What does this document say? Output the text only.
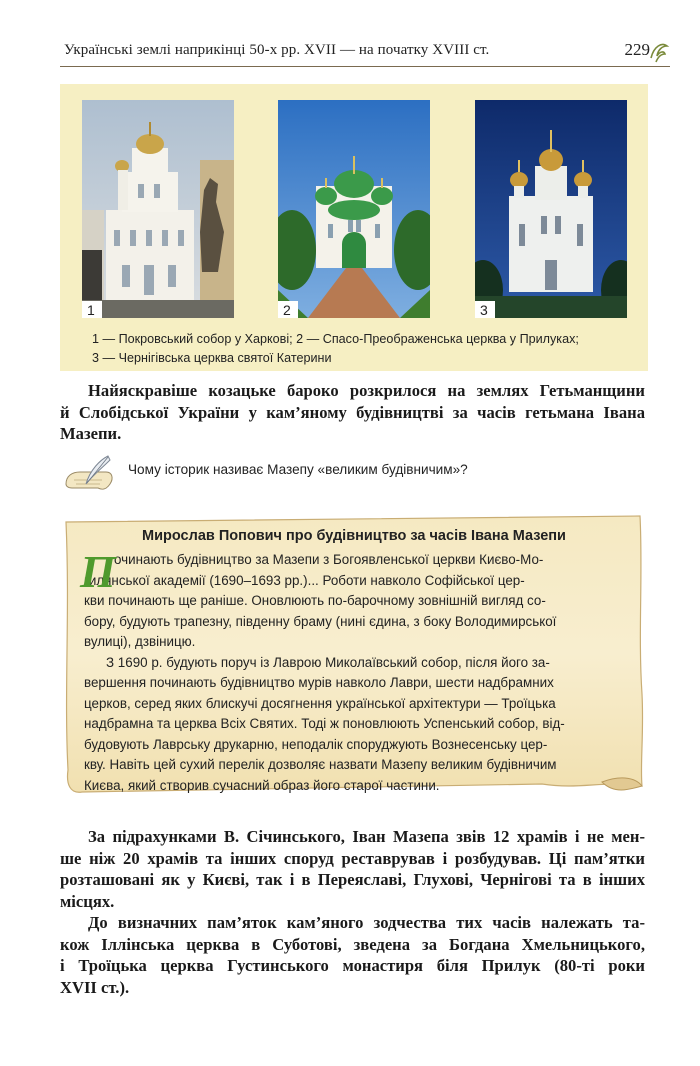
Українські землі наприкінці 50-х рр. XVII — на початку XVIII ст.	229
1	2	3
1 — Покровський собор у Харкові; 2 — Спасо-Преображенська церква у Прилуках;
3 — Чернігівська церква святої Катерини
Найяскравіше козацьке бароко розкрилося на землях Гетьманщини
й Слобідської України у кам’яному будівництві за часів гетьмана Івана
Мазепи.
Чому історик називає Мазепу «великим будівничим»?
Мирослав Попович про будівництво за часів Івана Мазепи
П
очинають будівництво за Мазепи з Богоявленської церкви Києво-Мо-
гилянської академії (1690–1693 рр.)... Роботи навколо Софійської цер-
кви починають ще раніше. Оновлюють по-барочному зовнішній вигляд со-
бору, будують трапезну, південну браму (нині єдина, з боку Володимирської
вулиці), дзвіницю.
З 1690 р. будують поруч із Лаврою Миколаївський собор, після його за-
вершення починають будівництво мурів навколо Лаври, шести надбрамних
церков, серед яких блискучі досягнення української архітектури — Троїцька
надбрамна та церква Всіх Святих. Тоді ж поновлюють Успенський собор, від-
будовують Лаврську друкарню, неподалік споруджують Вознесенську цер-
кву. Навіть цей сухий перелік дозволяє назвати Мазепу великим будівничим
Києва, який створив сучасний образ його старої частини.
За підрахунками В. Січинського, Іван Мазепа звів 12 храмів і не мен-
ше ніж 20 храмів та інших споруд реставрував і розбудував. Ці пам’ятки
розташовані як у Києві, так і в Переяславі, Глухові, Чернігові та в інших
місцях.
До визначних пам’яток кам’яного зодчества тих часів належать та-
кож Іллінська церква в Суботові, зведена за Богдана Хмельницького,
і Троїцька церква Густинського монастиря біля Прилук (80-ті роки
XVII ст.).
